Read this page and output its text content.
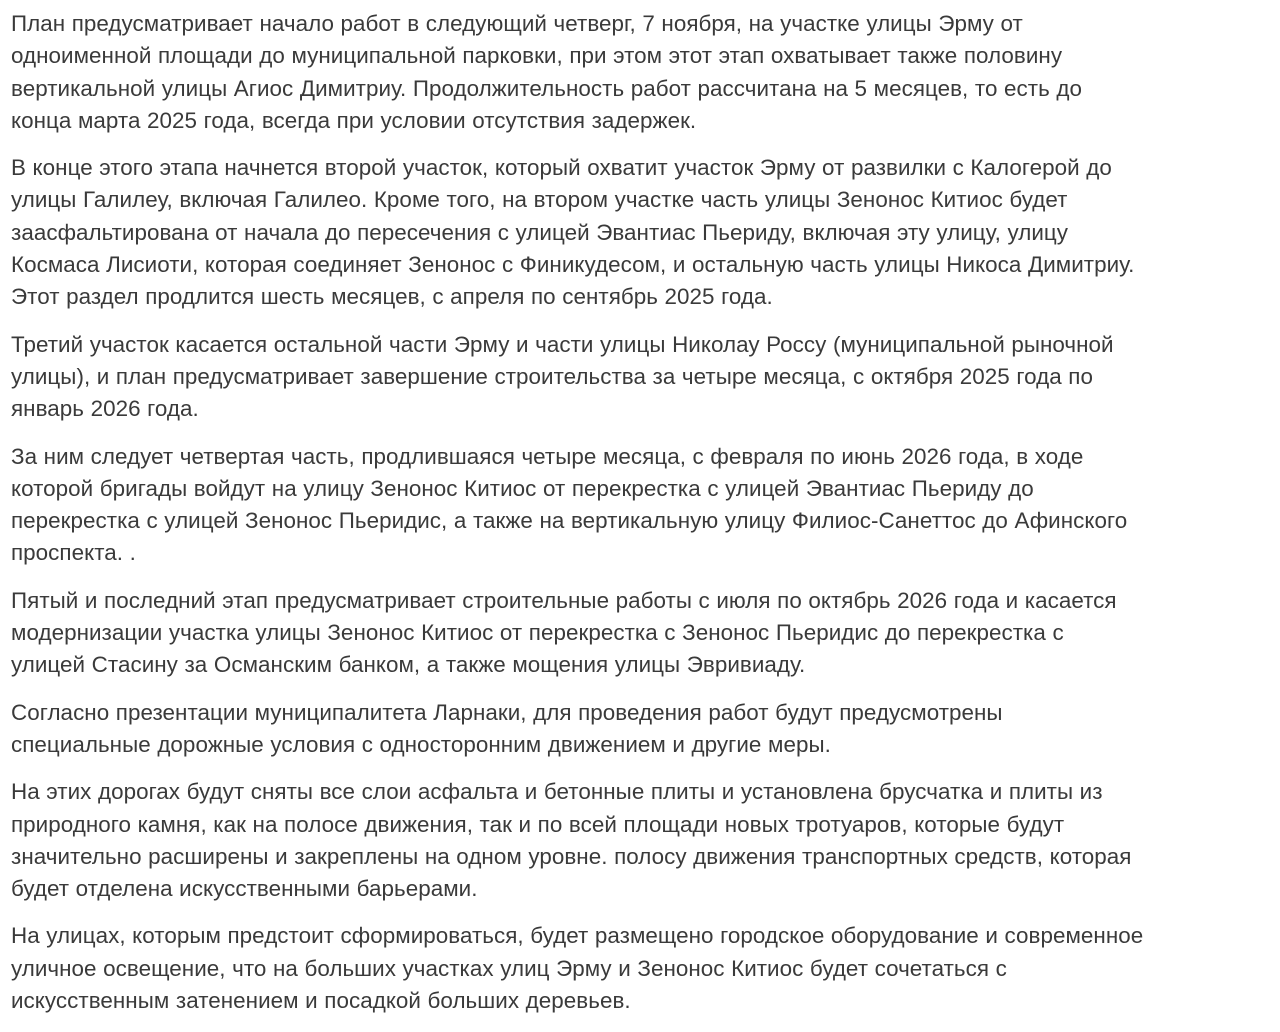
План предусматривает начало работ в следующий четверг, 7 ноября, на участке улицы Эрму от
одноименной площади до муниципальной парковки, при этом этот этап охватывает также половину
вертикальной улицы Агиос Димитриу. Продолжительность работ рассчитана на 5 месяцев, то есть до
конца марта 2025 года, всегда при условии отсутствия задержек.

В конце этого этапа начнется второй участок, который охватит участок Эрму от развилки с Калогерой до
улицы Галилеу, включая Галилео. Кроме того, на втором участке часть улицы Зенонос Китиос будет
заасфальтирована от начала до пересечения с улицей Эвантиас Пьериду, включая эту улицу, улицу
Космаса Лисиоти, которая соединяет Зенонос с Финикудесом, и остальную часть улицы Никоса Димитриу.
Этот раздел продлится шесть месяцев, с апреля по сентябрь 2025 года.

Третий участок касается остальной части Эрму и части улицы Николау Россу (муниципальной рыночной
улицы), и план предусматривает завершение строительства за четыре месяца, с октября 2025 года по
январь 2026 года.

За ним следует четвертая часть, продлившаяся четыре месяца, с февраля по июнь 2026 года, в ходе
которой бригады войдут на улицу Зенонос Китиос от перекрестка с улицей Эвантиас Пьериду до
перекрестка с улицей Зенонос Пьеридис, а также на вертикальную улицу Филиос-Санеттос до Афинского
проспекта. .

Пятый и последний этап предусматривает строительные работы с июля по октябрь 2026 года и касается
модернизации участка улицы Зенонос Китиос от перекрестка с Зенонос Пьеридис до перекрестка с
улицей Стасину за Османским банком, а также мощения улицы Эвривиаду.

Согласно презентации муниципалитета Ларнаки, для проведения работ будут предусмотрены
специальные дорожные условия с односторонним движением и другие меры.

На этих дорогах будут сняты все слои асфальта и бетонные плиты и установлена брусчатка и плиты из
природного камня, как на полосе движения, так и по всей площади новых тротуаров, которые будут
значительно расширены и закреплены на одном уровне. полосу движения транспортных средств, которая
будет отделена искусственными барьерами.

На улицах, которым предстоит сформироваться, будет размещено городское оборудование и современное
уличное освещение, что на больших участках улиц Эрму и Зенонос Китиос будет сочетаться с
искусственным затенением и посадкой больших деревьев.
